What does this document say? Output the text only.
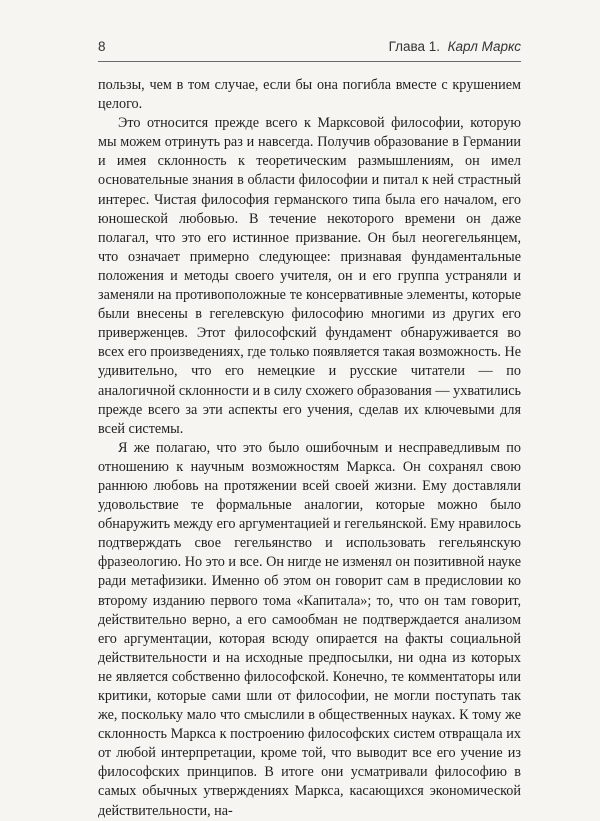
8	Глава 1. Карл Маркс

пользы, чем в том случае, если бы она погибла вместе с крушением целого.

Это относится прежде всего к Марксовой философии, которую мы можем отринуть раз и навсегда. Получив образование в Германии и имея склонность к теоретическим размышлениям, он имел основательные знания в области философии и питал к ней страстный интерес. Чистая философия германского типа была его началом, его юношеской любовью. В течение некоторого времени он даже полагал, что это его истинное призвание. Он был неогегельянцем, что означает примерно следующее: признавая фундаментальные положения и методы своего учителя, он и его группа устраняли и заменяли на противоположные те консервативные элементы, которые были внесены в гегелевскую философию многими из других его приверженцев. Этот философский фундамент обнаруживается во всех его произведениях, где только появляется такая возможность. Не удивительно, что его немецкие и русские читатели — по аналогичной склонности и в силу схожего образования — ухватились прежде всего за эти аспекты его учения, сделав их ключевыми для всей системы.

Я же полагаю, что это было ошибочным и несправедливым по отношению к научным возможностям Маркса. Он сохранял свою раннюю любовь на протяжении всей своей жизни. Ему доставляли удовольствие те формальные аналогии, которые можно было обнаружить между его аргументацией и гегельянской. Ему нравилось подтверждать свое гегельянство и использовать гегельянскую фразеологию. Но это и все. Он нигде не изменял он позитивной науке ради метафизики. Именно об этом он говорит сам в предисловии ко второму изданию первого тома «Капитала»; то, что он там говорит, действительно верно, а его самообман не подтверждается анализом его аргументации, которая всюду опирается на факты социальной действительности и на исходные предпосылки, ни одна из которых не является собственно философской. Конечно, те комментаторы или критики, которые сами шли от философии, не могли поступать так же, поскольку мало что смыслили в общественных науках. К тому же склонность Маркса к построению философских систем отвращала их от любой интерпретации, кроме той, что выводит все его учение из философских принципов. В итоге они усматривали философию в самых обычных утверждениях Маркса, касающихся экономической действительности, на-
